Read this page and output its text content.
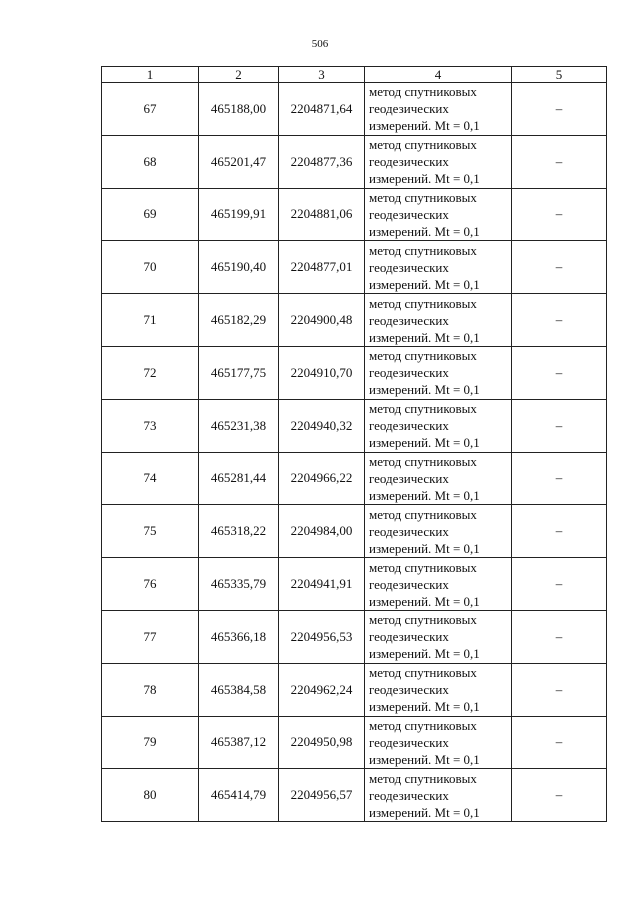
506
1	2	3	4	5
67	465188,00	2204871,64	метод спутниковых
геодезических
измерений. Mt = 0,1	–
68	465201,47	2204877,36	метод спутниковых
геодезических
измерений. Mt = 0,1	–
69	465199,91	2204881,06	метод спутниковых
геодезических
измерений. Mt = 0,1	–
70	465190,40	2204877,01	метод спутниковых
геодезических
измерений. Mt = 0,1	–
71	465182,29	2204900,48	метод спутниковых
геодезических
измерений. Mt = 0,1	–
72	465177,75	2204910,70	метод спутниковых
геодезических
измерений. Mt = 0,1	–
73	465231,38	2204940,32	метод спутниковых
геодезических
измерений. Mt = 0,1	–
74	465281,44	2204966,22	метод спутниковых
геодезических
измерений. Mt = 0,1	–
75	465318,22	2204984,00	метод спутниковых
геодезических
измерений. Mt = 0,1	–
76	465335,79	2204941,91	метод спутниковых
геодезических
измерений. Mt = 0,1	–
77	465366,18	2204956,53	метод спутниковых
геодезических
измерений. Mt = 0,1	–
78	465384,58	2204962,24	метод спутниковых
геодезических
измерений. Mt = 0,1	–
79	465387,12	2204950,98	метод спутниковых
геодезических
измерений. Mt = 0,1	–
80	465414,79	2204956,57	метод спутниковых
геодезических
измерений. Mt = 0,1	–
